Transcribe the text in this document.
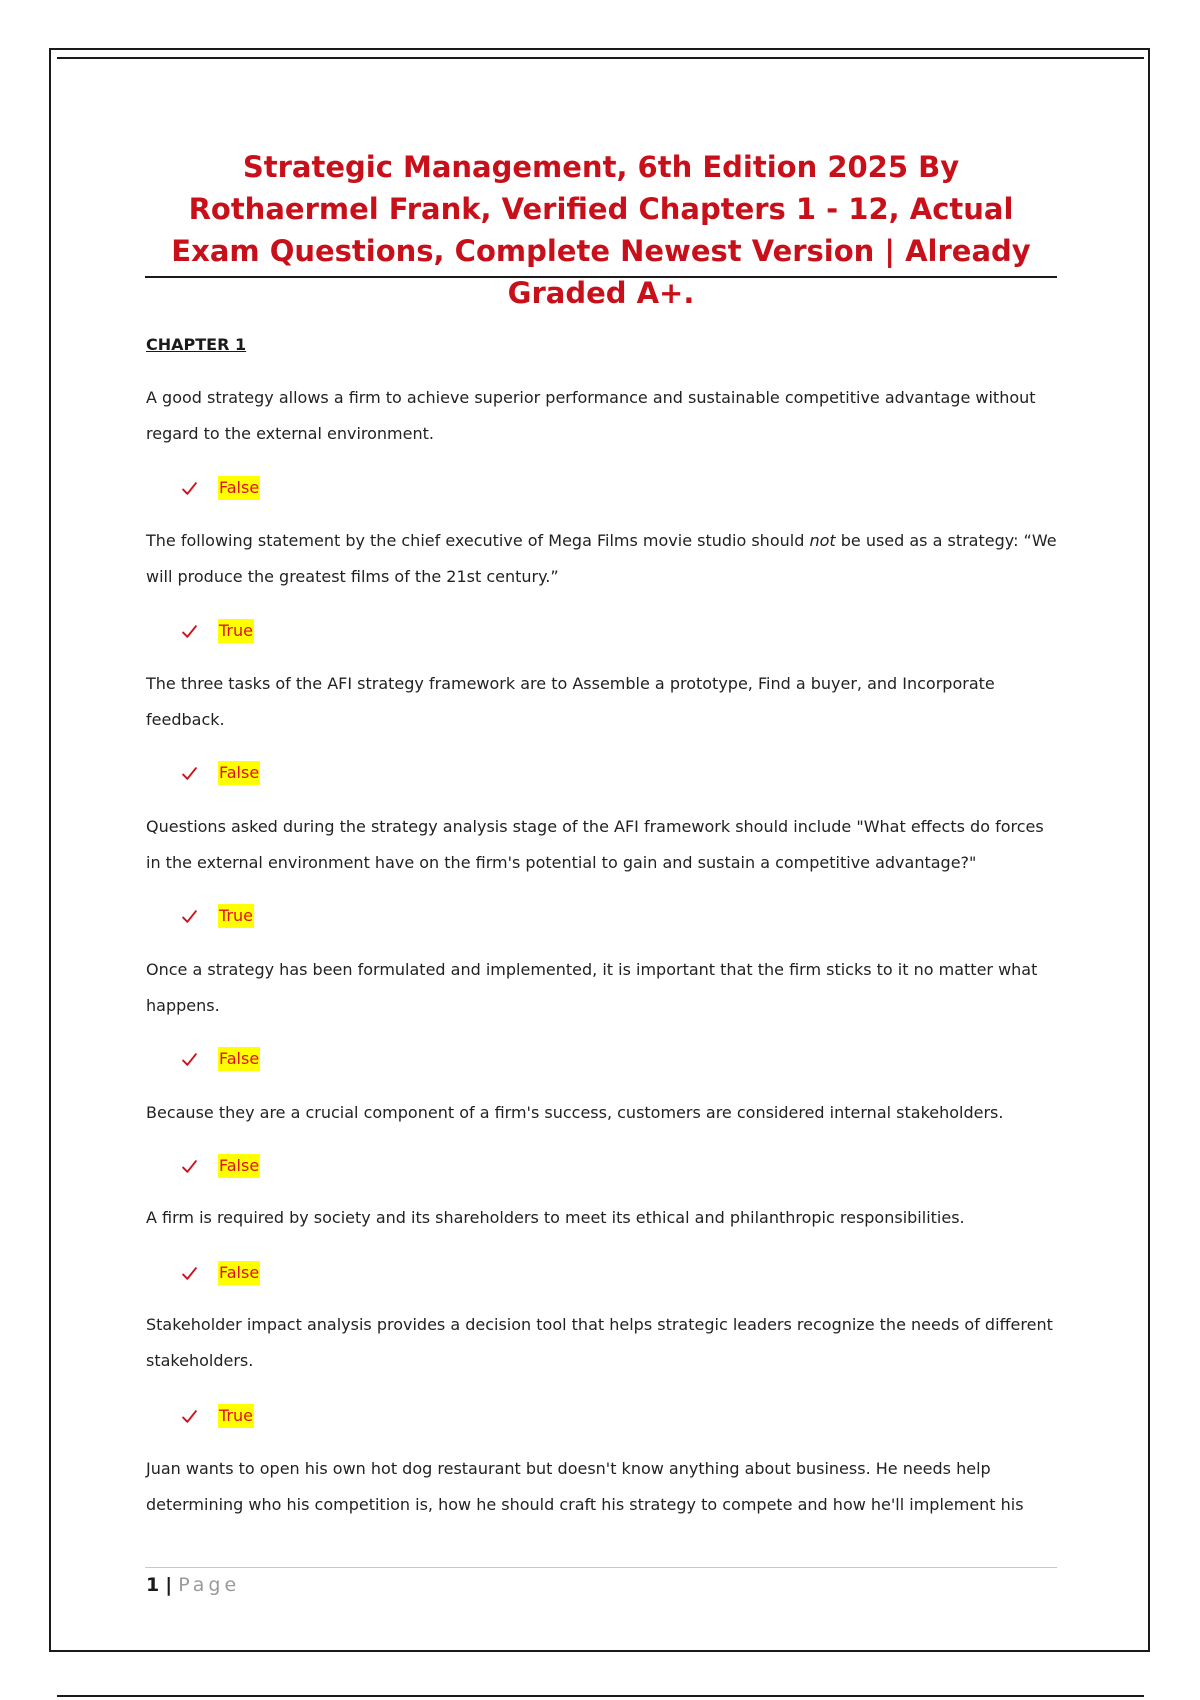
Strategic Management, 6th Edition 2025 By Rothaermel Frank, Verified Chapters 1 - 12, Actual Exam Questions, Complete Newest Version | Already Graded A+.
CHAPTER 1

A good strategy allows a firm to achieve superior performance and sustainable competitive advantage without regard to the external environment.

False

The following statement by the chief executive of Mega Films movie studio should not be used as a strategy: “We will produce the greatest films of the 21st century.”

True

The three tasks of the AFI strategy framework are to Assemble a prototype, Find a buyer, and Incorporate feedback.

False

Questions asked during the strategy analysis stage of the AFI framework should include "What effects do forces in the external environment have on the firm's potential to gain and sustain a competitive advantage?"

True

Once a strategy has been formulated and implemented, it is important that the firm sticks to it no matter what happens.

False

Because they are a crucial component of a firm's success, customers are considered internal stakeholders.

False

A firm is required by society and its shareholders to meet its ethical and philanthropic responsibilities.

False

Stakeholder impact analysis provides a decision tool that helps strategic leaders recognize the needs of different stakeholders.

True

Juan wants to open his own hot dog restaurant but doesn't know anything about business. He needs help determining who his competition is, how he should craft his strategy to compete and how he'll implement his

1 | Page
